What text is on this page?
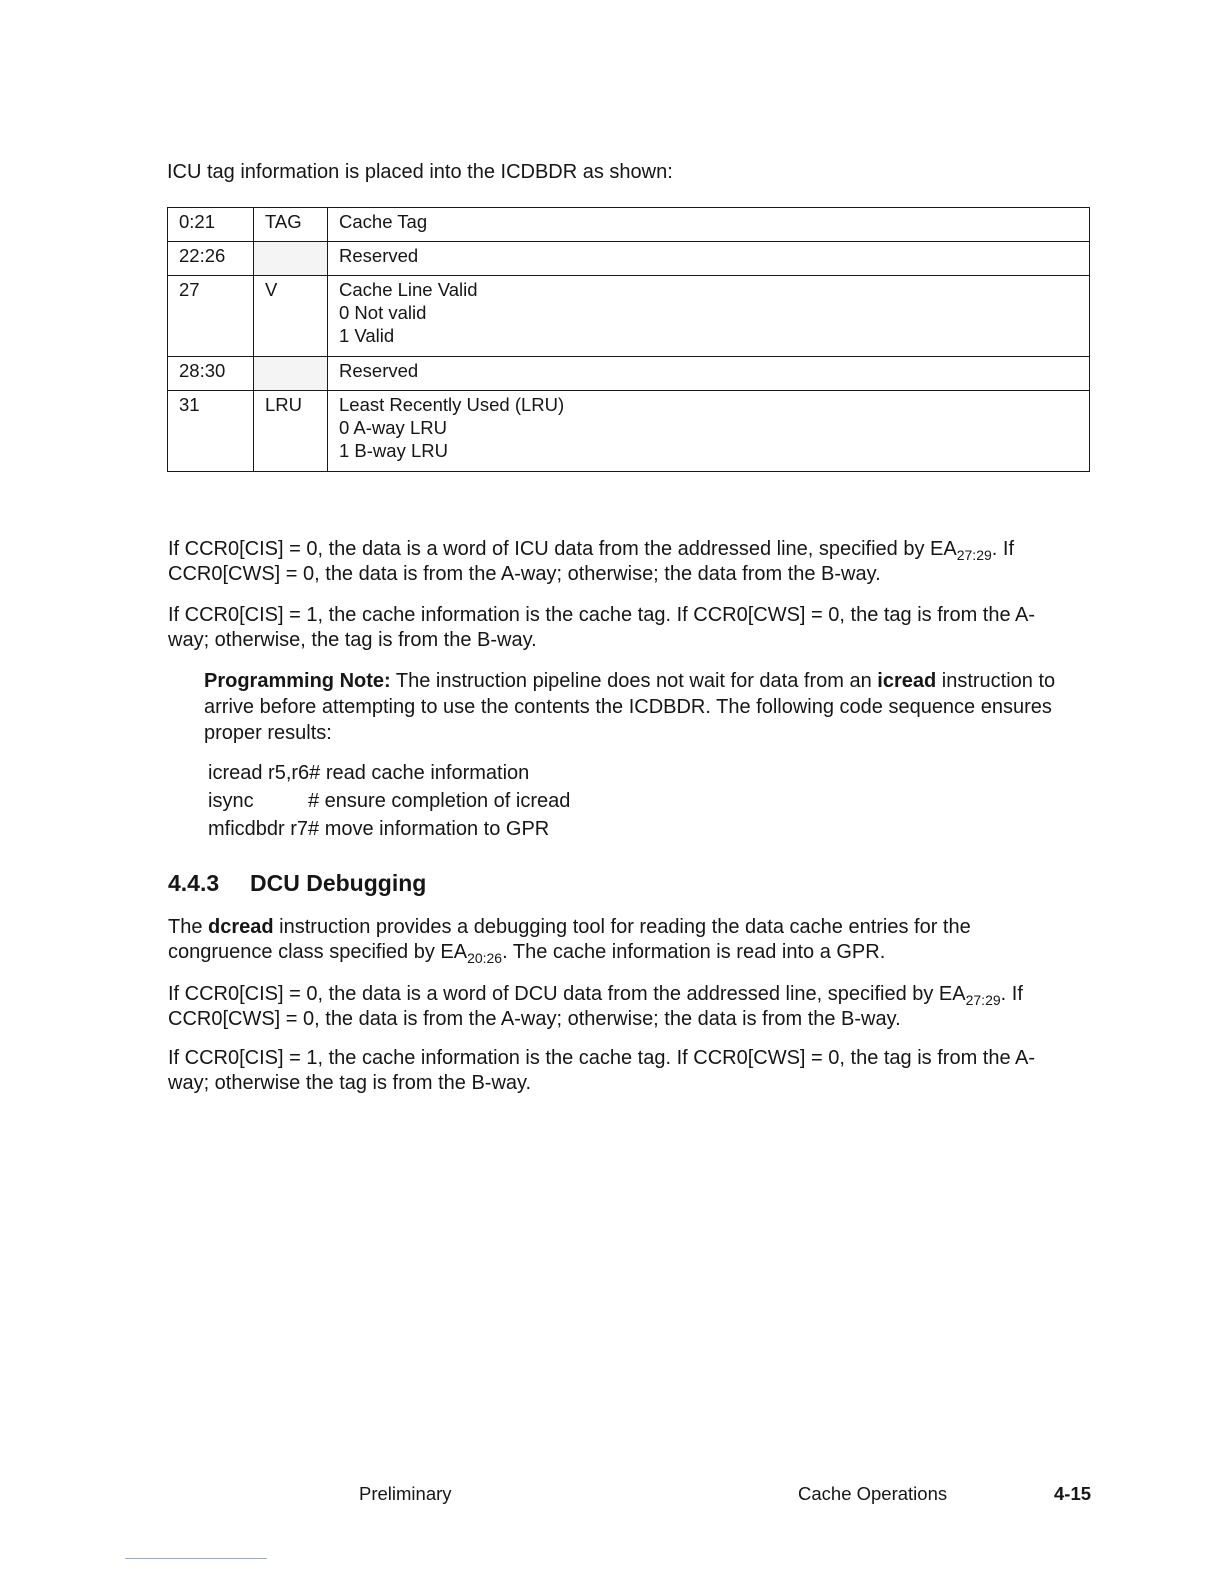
ICU tag information is placed into the ICDBDR as shown:

0:21	TAG	Cache Tag

22:26		Reserved

27	V	Cache Line Valid
0 Not valid
1 Valid

28:30		Reserved

31	LRU	Least Recently Used (LRU)
0 A-way LRU
1 B-way LRU

If CCR0[CIS] = 0, the data is a word of ICU data from the addressed line, specified by $EA_{27:29}$. If CCR0[CWS] = 0, the data is from the A-way; otherwise; the data from the B-way.

If CCR0[CIS] = 1, the cache information is the cache tag. If CCR0[CWS] = 0, the tag is from the A-way; otherwise, the tag is from the B-way.

Programming Note: The instruction pipeline does not wait for data from an icread instruction to arrive before attempting to use the contents the ICDBDR. The following code sequence ensures proper results:

icread r5,r6 # read cache information
isync	# ensure completion of icread
mficdbdr r7 # move information to GPR
4.4.3 DCU Debugging

The dcread instruction provides a debugging tool for reading the data cache entries for the congruence class specified by $EA_{20:26}$. The cache information is read into a GPR.

If CCR0[CIS] = 0, the data is a word of DCU data from the addressed line, specified by $EA_{27:29}$. If CCR0[CWS] = 0, the data is from the A-way; otherwise; the data is from the B-way.

If CCR0[CIS] = 1, the cache information is the cache tag. If CCR0[CWS] = 0, the tag is from the A-way; otherwise the tag is from the B-way.

Preliminary	Cache Operations	4-15
